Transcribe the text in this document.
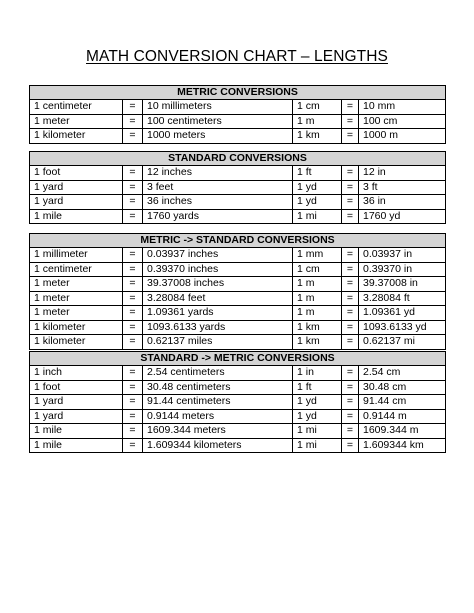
MATH CONVERSION CHART – LENGTHS
METRIC CONVERSIONS					
1 centimeter	=	10 millimeters	1 cm	=	10 mm
1 meter	=	100 centimeters	1 m	=	100 cm
1 kilometer	=	1000 meters	1 km	=	1000 m
STANDARD CONVERSIONS					
1 foot	=	12 inches	1 ft	=	12 in
1 yard	=	3 feet	1 yd	=	3 ft
1 yard	=	36 inches	1 yd	=	36 in
1 mile	=	1760 yards	1 mi	=	1760 yd
METRIC -> STANDARD CONVERSIONS					
1 millimeter	=	0.03937 inches	1 mm	=	0.03937 in
1 centimeter	=	0.39370 inches	1 cm	=	0.39370 in
1 meter	=	39.37008 inches	1 m	=	39.37008 in
1 meter	=	3.28084 feet	1 m	=	3.28084 ft
1 meter	=	1.09361 yards	1 m	=	1.09361 yd
1 kilometer	=	1093.6133 yards	1 km	=	1093.6133 yd
1 kilometer	=	0.62137 miles	1 km	=	0.62137 mi
STANDARD -> METRIC CONVERSIONS					
1 inch	=	2.54 centimeters	1 in	=	2.54 cm
1 foot	=	30.48 centimeters	1 ft	=	30.48 cm
1 yard	=	91.44 centimeters	1 yd	=	91.44 cm
1 yard	=	0.9144 meters	1 yd	=	0.9144 m
1 mile	=	1609.344 meters	1 mi	=	1609.344 m
1 mile	=	1.609344 kilometers	1 mi	=	1.609344 km
